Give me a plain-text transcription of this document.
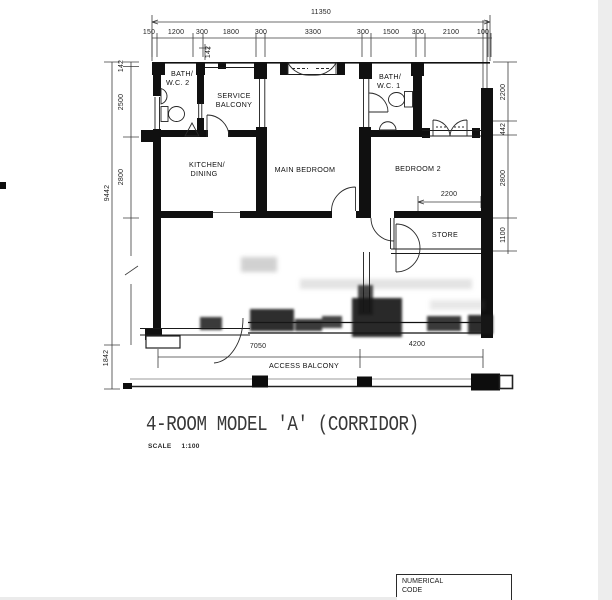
11350
150 1200 300 1800 300	3300	300 1500 300	2100	100
9442
142
2500
2800
1842
142
2200
442
2800
1100
BATH/
W.C. 2
SERVICE
BALCONY
KITCHEN/
DINING	MAIN BEDROOM
BATH/
W.C. 1
BEDROOM 2
STORE
ACCESS BALCONY
2200
7050	4200
4-ROOM MODEL 'A' (CORRIDOR)
SCALE 1:100
NUMERICAL
CODE
